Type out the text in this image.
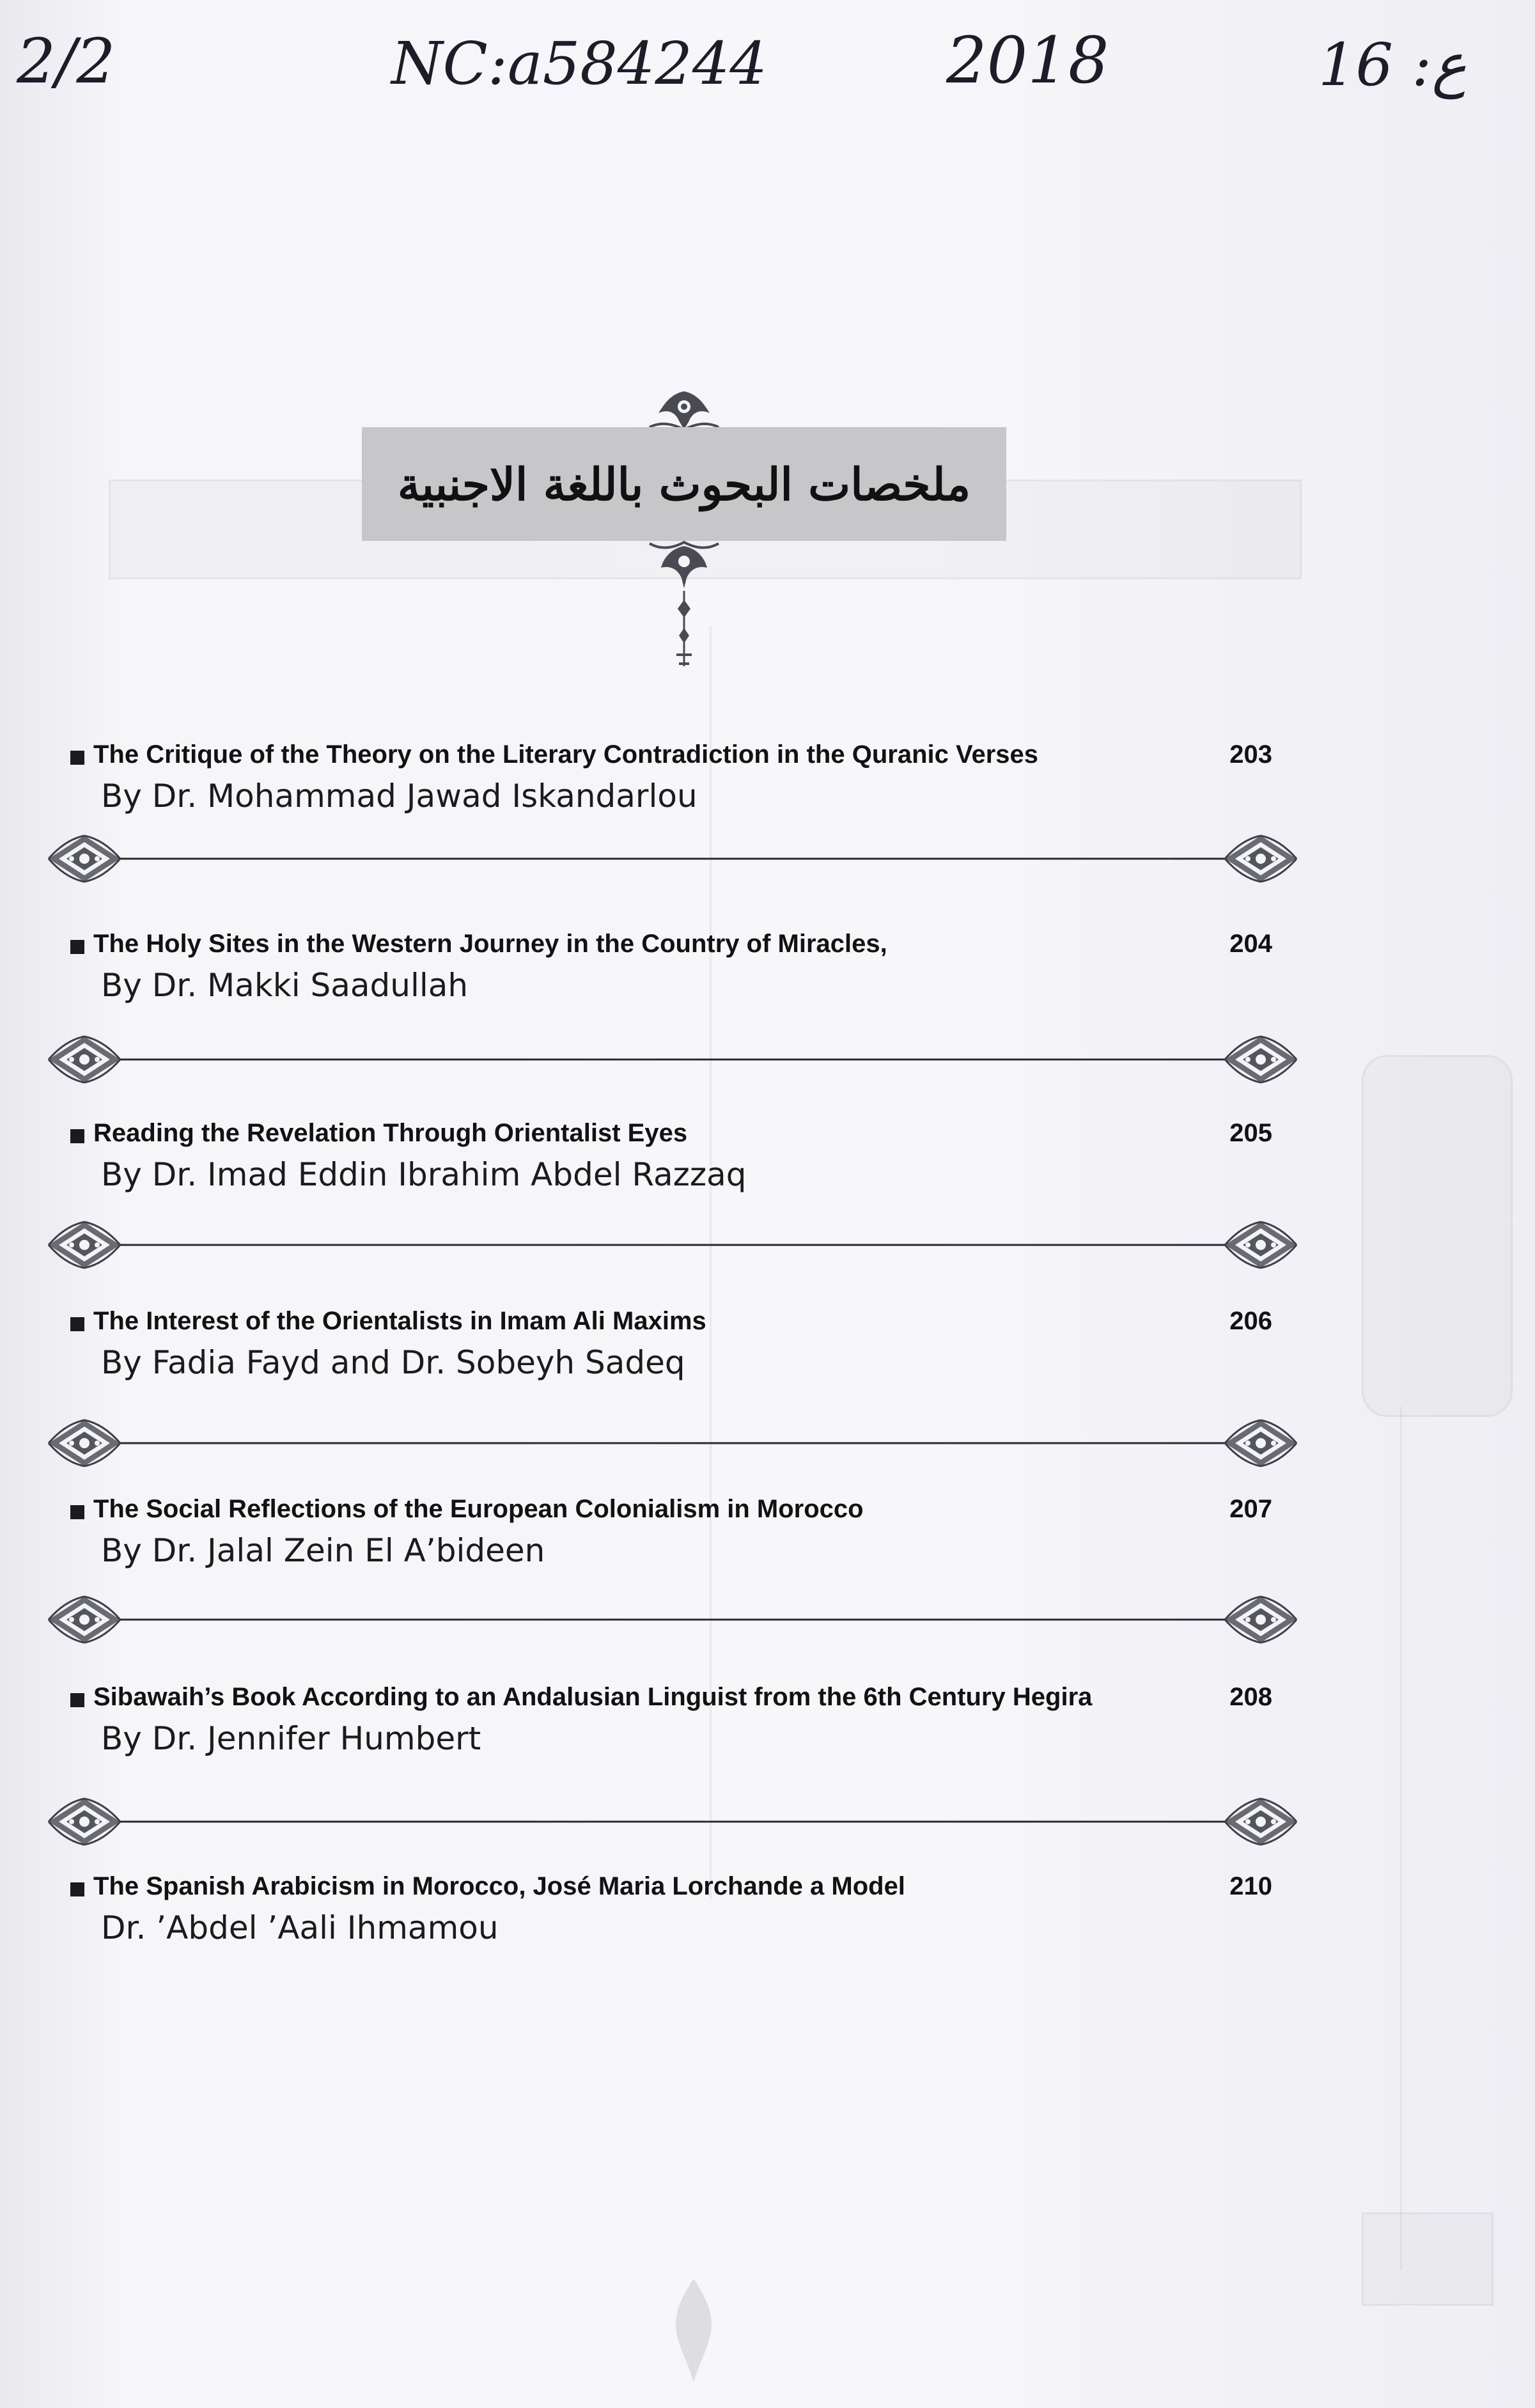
2/2	NC:a584244	2018	16 :ع
ملخصات البحوث باللغة الاجنبية
The Critique of the Theory on the Literary Contradiction in the Quranic Verses	203
By Dr. Mohammad Jawad Iskandarlou
The Holy Sites in the Western Journey in the Country of Miracles,	204
By Dr. Makki Saadullah
Reading the Revelation Through Orientalist Eyes	205
By Dr. Imad Eddin Ibrahim Abdel Razzaq
The Interest of the Orientalists in Imam Ali Maxims	206
By Fadia Fayd and Dr. Sobeyh Sadeq
The Social Reflections of the European Colonialism in Morocco	207
By Dr. Jalal Zein El A’bideen
Sibawaih’s Book According to an Andalusian Linguist from the 6th Century Hegira	208
By Dr. Jennifer Humbert
The Spanish Arabicism in Morocco, José Maria Lorchande a Model	210
Dr. ’Abdel ’Aali Ihmamou
